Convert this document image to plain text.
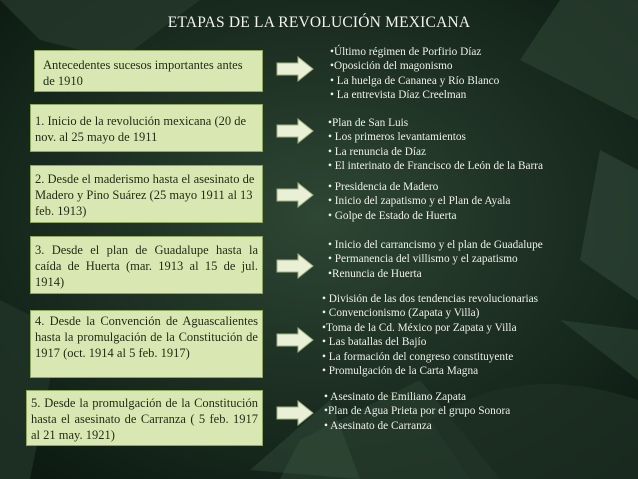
ETAPAS DE LA REVOLUCIÓN MEXICANA
Antecedentes sucesos importantes antes de 1910
•Último régimen de Porfirio Díaz
•Oposición del magonismo
• La huelga de Cananea y Río Blanco
• La entrevista Díaz Creelman
1. Inicio de la revolución mexicana (20 de nov. al 25 mayo de 1911
•Plan de San Luis
• Los primeros levantamientos
• La renuncia de Díaz
• El interinato de Francisco de León de la Barra
2. Desde el maderismo hasta el asesinato de Madero y Pino Suárez (25 mayo 1911 al 13 feb. 1913)
• Presidencia de Madero
• Inicio del zapatismo y el Plan de Ayala
• Golpe de Estado de Huerta
3. Desde el plan de Guadalupe hasta la caída de Huerta (mar. 1913 al 15 de jul. 1914)
• Inicio del carrancismo y el plan de Guadalupe
• Permanencia del villismo y el zapatismo
•Renuncia de Huerta
4. Desde la Convención de Aguascalientes hasta la promulgación de la Constitución de 1917 (oct. 1914 al 5 feb. 1917)
• División de las dos tendencias revolucionarias
• Convencionismo (Zapata y Villa)
•Toma de la Cd. México por Zapata y Villa
• Las batallas del Bajío
• La formación del congreso constituyente
• Promulgación de la Carta Magna
5. Desde la promulgación de la Constitución hasta el asesinato de Carranza ( 5 feb. 1917 al 21 may. 1921)
• Asesinato de Emiliano Zapata
•Plan de Agua Prieta por el grupo Sonora
• Asesinato de Carranza
